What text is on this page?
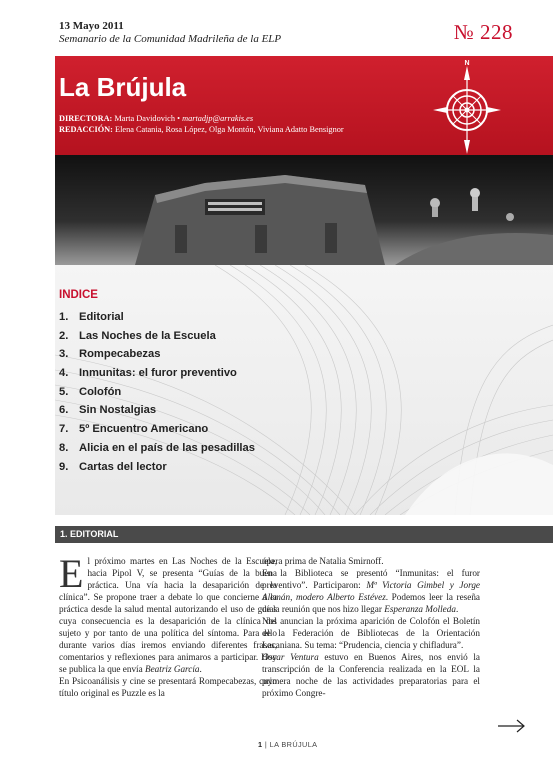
13 Mayo 2011
Semanario de la Comunidad Madrileña de la ELP	№ 228
La Brújula
DIRECTORA: Marta Davidovich • martadjp@arrakis.es
REDACCIÓN: Elena Catania, Rosa López, Olga Montón, Viviana Adatto Bensignor
N
INDICE
1. Editorial
2. Las Noches de la Escuela
3. Rompecabezas
4. Inmunitas: el furor preventivo
5. Colofón
6. Sin Nostalgias
7. 5º Encuentro Americano
8. Alicia en el país de las pesadillas
9. Cartas del lector
1. EDITORIAL

El próximo martes en Las Noches de la Escuela, hacia Pipol V, se presenta “Guías de la buena práctica. Una vía hacia la desaparición de la clínica”. Se propone traer a debate lo que concierne a la práctica desde la salud mental autorizando el uso de guías cuya consecuencia es la desaparición de la clínica del sujeto y por tanto de una política del síntoma. Para ello durante varios días iremos enviando diferentes frases, comentarios y reflexiones para animaros a participar. Hoy se publica la que envía Beatriz García.

En Psicoanálisis y cine se presentará Rompecabezas, cuyo título original es Puzzle es la

ópera prima de Natalia Smirnoff.

En la Biblioteca se presentó “Inmunitas: el furor preventivo”. Participaron: Mª Victoria Gimbel y Jorge Alemán, modero Alberto Estévez. Podemos leer la reseña de la reunión que nos hizo llegar Esperanza Molleda.

Nos anuncian la próxima aparición de Colofón el Boletín de la Federación de Bibliotecas de la Orientación Lacaniana. Su tema: “Prudencia, ciencia y chifladura”.

Oscar Ventura estuvo en Buenos Aires, nos envió la transcripción de la Conferencia realizada en la EOL la primera noche de las actividades preparatorias para el próximo Congre-

1 | LA BRÚJULA
